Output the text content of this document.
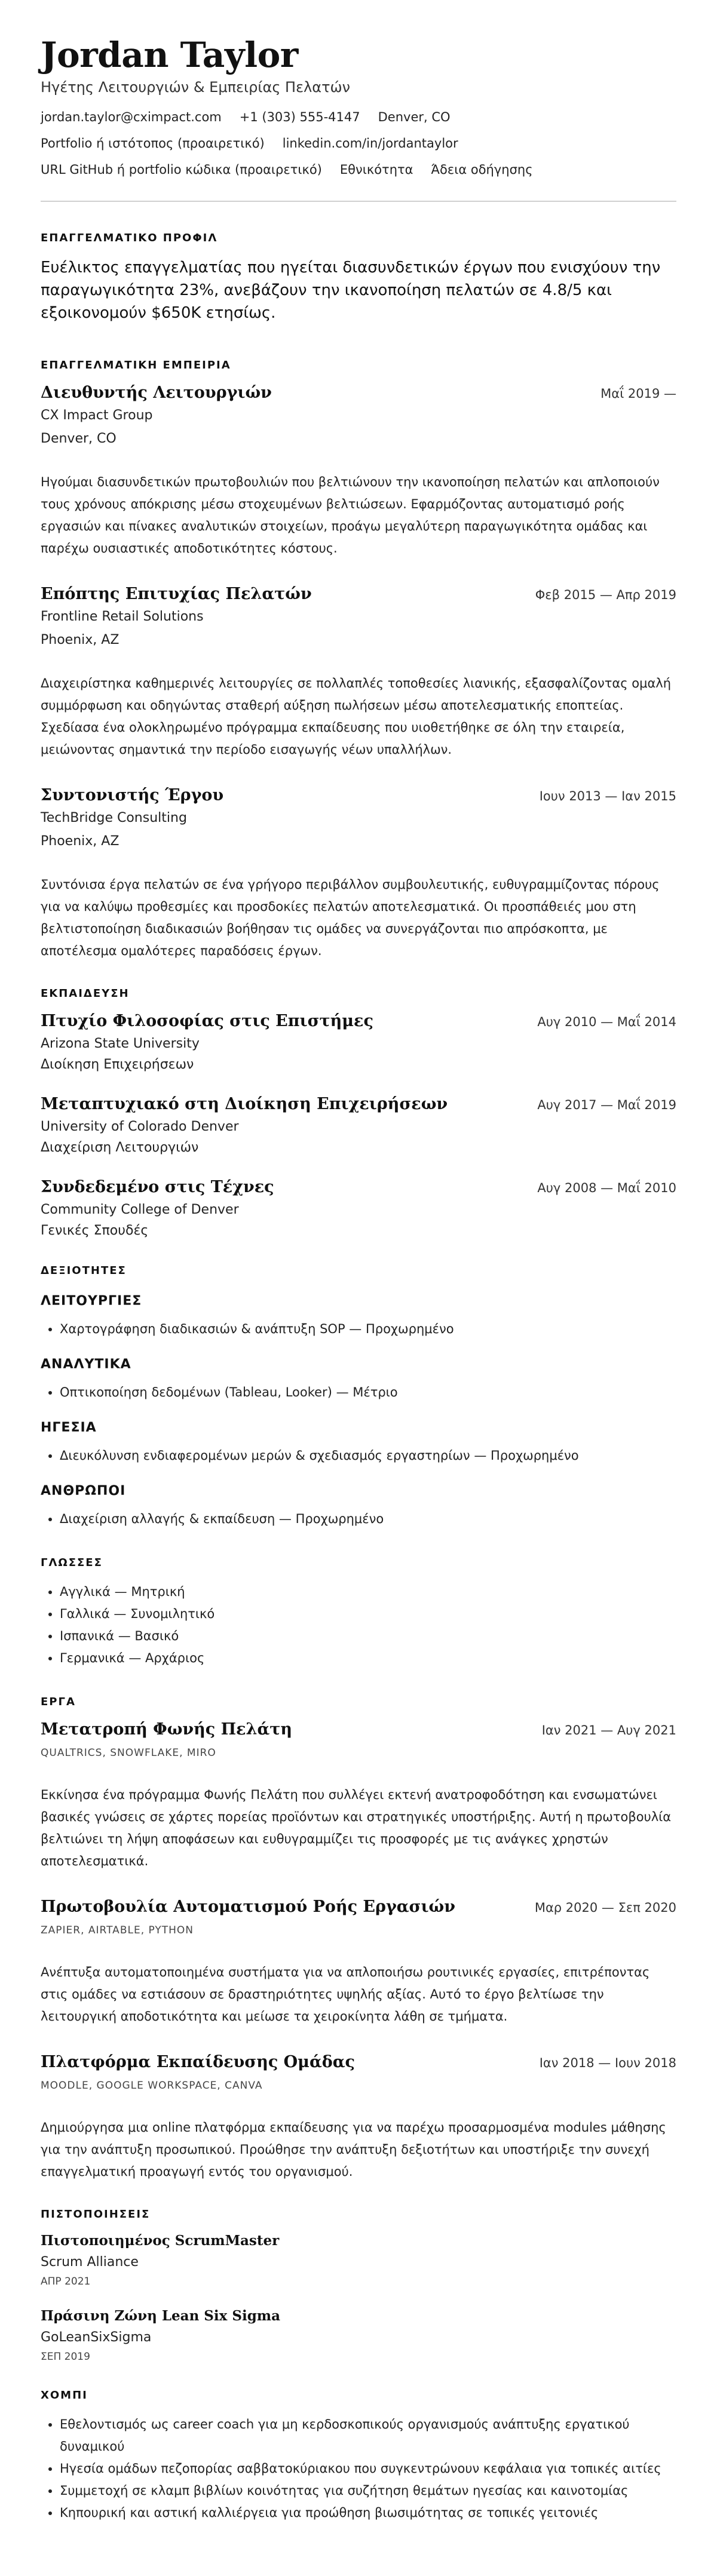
Jordan Taylor
Ηγέτης Λειτουργιών & Εμπειρίας Πελατών
jordan.taylor@cximpact.com +1 (303) 555-4147 Denver, CO
Portfolio ή ιστότοπος (προαιρετικό) linkedin.com/in/jordantaylor
URL GitHub ή portfolio κώδικα (προαιρετικό) Εθνικότητα Άδεια οδήγησης
ΕΠΑΓΓΕΛΜΑΤΙΚΟ ΠΡΟΦΙΛ
Ευέλικτος επαγγελματίας που ηγείται διασυνδετικών έργων που ενισχύουν την παραγωγικότητα 23%, ανεβάζουν την ικανοποίηση πελατών σε 4.8/5 και εξοικονομούν $650K ετησίως.
ΕΠΑΓΓΕΛΜΑΤΙΚΗ ΕΜΠΕΙΡΙΑ
Διευθυντής Λειτουργιών	Μαΐ 2019 —
CX Impact Group
Denver, CO
Ηγούμαι διασυνδετικών πρωτοβουλιών που βελτιώνουν την ικανοποίηση πελατών και απλοποιούν τους χρόνους απόκρισης μέσω στοχευμένων βελτιώσεων. Εφαρμόζοντας αυτοματισμό ροής εργασιών και πίνακες αναλυτικών στοιχείων, προάγω μεγαλύτερη παραγωγικότητα ομάδας και παρέχω ουσιαστικές αποδοτικότητες κόστους.
Επόπτης Επιτυχίας Πελατών	Φεβ 2015 — Απρ 2019
Frontline Retail Solutions
Phoenix, AZ
Διαχειρίστηκα καθημερινές λειτουργίες σε πολλαπλές τοποθεσίες λιανικής, εξασφαλίζοντας ομαλή συμμόρφωση και οδηγώντας σταθερή αύξηση πωλήσεων μέσω αποτελεσματικής εποπτείας. Σχεδίασα ένα ολοκληρωμένο πρόγραμμα εκπαίδευσης που υιοθετήθηκε σε όλη την εταιρεία, μειώνοντας σημαντικά την περίοδο εισαγωγής νέων υπαλλήλων.
Συντονιστής Έργου	Ιουν 2013 — Ιαν 2015
TechBridge Consulting
Phoenix, AZ
Συντόνισα έργα πελατών σε ένα γρήγορο περιβάλλον συμβουλευτικής, ευθυγραμμίζοντας πόρους για να καλύψω προθεσμίες και προσδοκίες πελατών αποτελεσματικά. Οι προσπάθειές μου στη βελτιστοποίηση διαδικασιών βοήθησαν τις ομάδες να συνεργάζονται πιο απρόσκοπτα, με αποτέλεσμα ομαλότερες παραδόσεις έργων.
ΕΚΠΑΙΔΕΥΣΗ
Πτυχίο Φιλοσοφίας στις Επιστήμες	Αυγ 2010 — Μαΐ 2014
Arizona State University
Διοίκηση Επιχειρήσεων
Μεταπτυχιακό στη Διοίκηση Επιχειρήσεων	Αυγ 2017 — Μαΐ 2019
University of Colorado Denver
Διαχείριση Λειτουργιών
Συνδεδεμένο στις Τέχνες	Αυγ 2008 — Μαΐ 2010
Community College of Denver
Γενικές Σπουδές
ΔΕΞΙΟΤΗΤΕΣ
ΛΕΙΤΟΥΡΓΙΕΣ
• Χαρτογράφηση διαδικασιών & ανάπτυξη SOP — Προχωρημένο
ΑΝΑΛΥΤΙΚΑ
• Οπτικοποίηση δεδομένων (Tableau, Looker) — Μέτριο
ΗΓΕΣΙΑ
• Διευκόλυνση ενδιαφερομένων μερών & σχεδιασμός εργαστηρίων — Προχωρημένο
ΑΝΘΡΩΠΟΙ
• Διαχείριση αλλαγής & εκπαίδευση — Προχωρημένο
ΓΛΩΣΣΕΣ
• Αγγλικά — Μητρική
• Γαλλικά — Συνομιλητικό
• Ισπανικά — Βασικό
• Γερμανικά — Αρχάριος
ΕΡΓΑ
Μετατροπή Φωνής Πελάτη	Ιαν 2021 — Αυγ 2021
QUALTRICS, SNOWFLAKE, MIRO
Εκκίνησα ένα πρόγραμμα Φωνής Πελάτη που συλλέγει εκτενή ανατροφοδότηση και ενσωματώνει βασικές γνώσεις σε χάρτες πορείας προϊόντων και στρατηγικές υποστήριξης. Αυτή η πρωτοβουλία βελτιώνει τη λήψη αποφάσεων και ευθυγραμμίζει τις προσφορές με τις ανάγκες χρηστών αποτελεσματικά.
Πρωτοβουλία Αυτοματισμού Ροής Εργασιών	Μαρ 2020 — Σεπ 2020
ZAPIER, AIRTABLE, PYTHON
Ανέπτυξα αυτοματοποιημένα συστήματα για να απλοποιήσω ρουτινικές εργασίες, επιτρέποντας στις ομάδες να εστιάσουν σε δραστηριότητες υψηλής αξίας. Αυτό το έργο βελτίωσε την λειτουργική αποδοτικότητα και μείωσε τα χειροκίνητα λάθη σε τμήματα.
Πλατφόρμα Εκπαίδευσης Ομάδας	Ιαν 2018 — Ιουν 2018
MOODLE, GOOGLE WORKSPACE, CANVA
Δημιούργησα μια online πλατφόρμα εκπαίδευσης για να παρέχω προσαρμοσμένα modules μάθησης για την ανάπτυξη προσωπικού. Προώθησε την ανάπτυξη δεξιοτήτων και υποστήριξε την συνεχή επαγγελματική προαγωγή εντός του οργανισμού.
ΠΙΣΤΟΠΟΙΗΣΕΙΣ
Πιστοποιημένος ScrumMaster
Scrum Alliance
ΑΠΡ 2021
Πράσινη Ζώνη Lean Six Sigma
GoLeanSixSigma
ΣΕΠ 2019
ΧΟΜΠΙ
• Εθελοντισμός ως career coach για μη κερδοσκοπικούς οργανισμούς ανάπτυξης εργατικού δυναμικού
• Ηγεσία ομάδων πεζοπορίας σαββατοκύριακου που συγκεντρώνουν κεφάλαια για τοπικές αιτίες
• Συμμετοχή σε κλαμπ βιβλίων κοινότητας για συζήτηση θεμάτων ηγεσίας και καινοτομίας
• Κηπουρική και αστική καλλιέργεια για προώθηση βιωσιμότητας σε τοπικές γειτονιές
